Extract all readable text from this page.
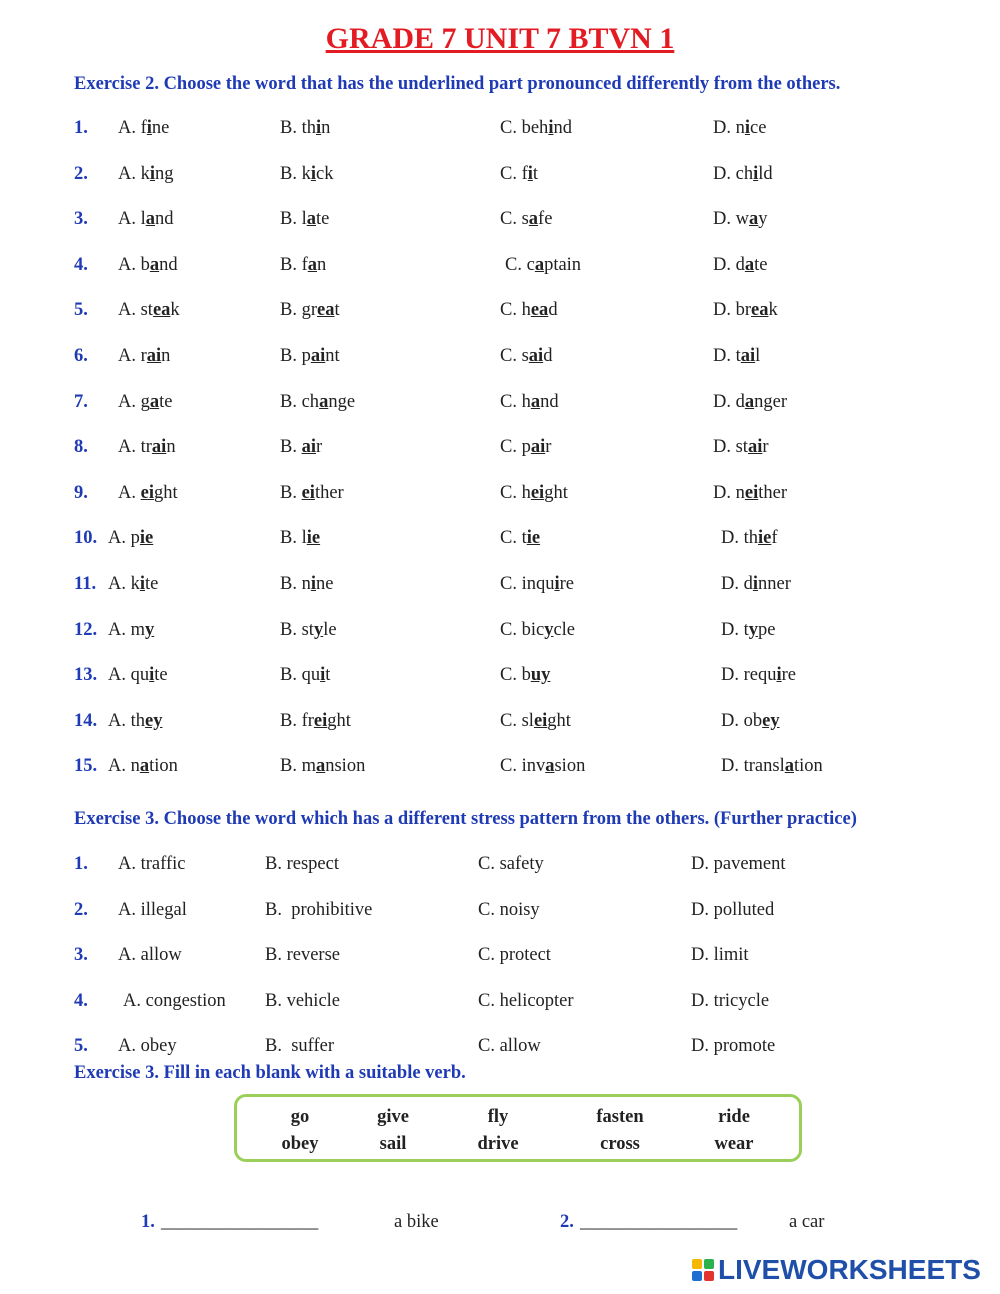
GRADE 7 UNIT 7 BTVN 1
Exercise 2. Choose the word that has the underlined part pronounced differently from the others.
1. A. fine	B. thin	C. behind	D. nice
2. A. king	B. kick	C. fit	D. child
3. A. land	B. late	C. safe	D. way
4. A. band	B. fan	C. captain	D. date
5. A. steak	B. great	C. head	D. break
6. A. rain	B. paint	C. said	D. tail
7. A. gate	B. change	C. hand	D. danger
8. A. train	B. air	C. pair	D. stair
9. A. eight	B. either	C. height	D. neither
10. A. pie	B. lie	C. tie	D. thief
11. A. kite	B. nine	C. inquire	D. dinner
12. A. my	B. style	C. bicycle	D. type
13. A. quite	B. quit	C. buy	D. require
14. A. they	B. freight	C. sleight	D. obey
15. A. nation	B. mansion	C. invasion	D. translation
Exercise 3. Choose the word which has a different stress pattern from the others. (Further practice)
1. A. traffic	B. respect	C. safety	D. pavement
2. A. illegal	B.  prohibitive	C. noisy	D. polluted
3. A. allow	B. reverse	C. protect	D. limit
4. A. congestion B. vehicle	C. helicopter	D. tricycle
5. A. obey	B.  suffer	C. allow	D. promote
Exercise 3. Fill in each blank with a suitable verb.
go	give	fly	fasten	ride
obey	sail	drive	cross	wear
1. _________________	a bike	2. _________________	a car
LIVEWORKSHEETS
